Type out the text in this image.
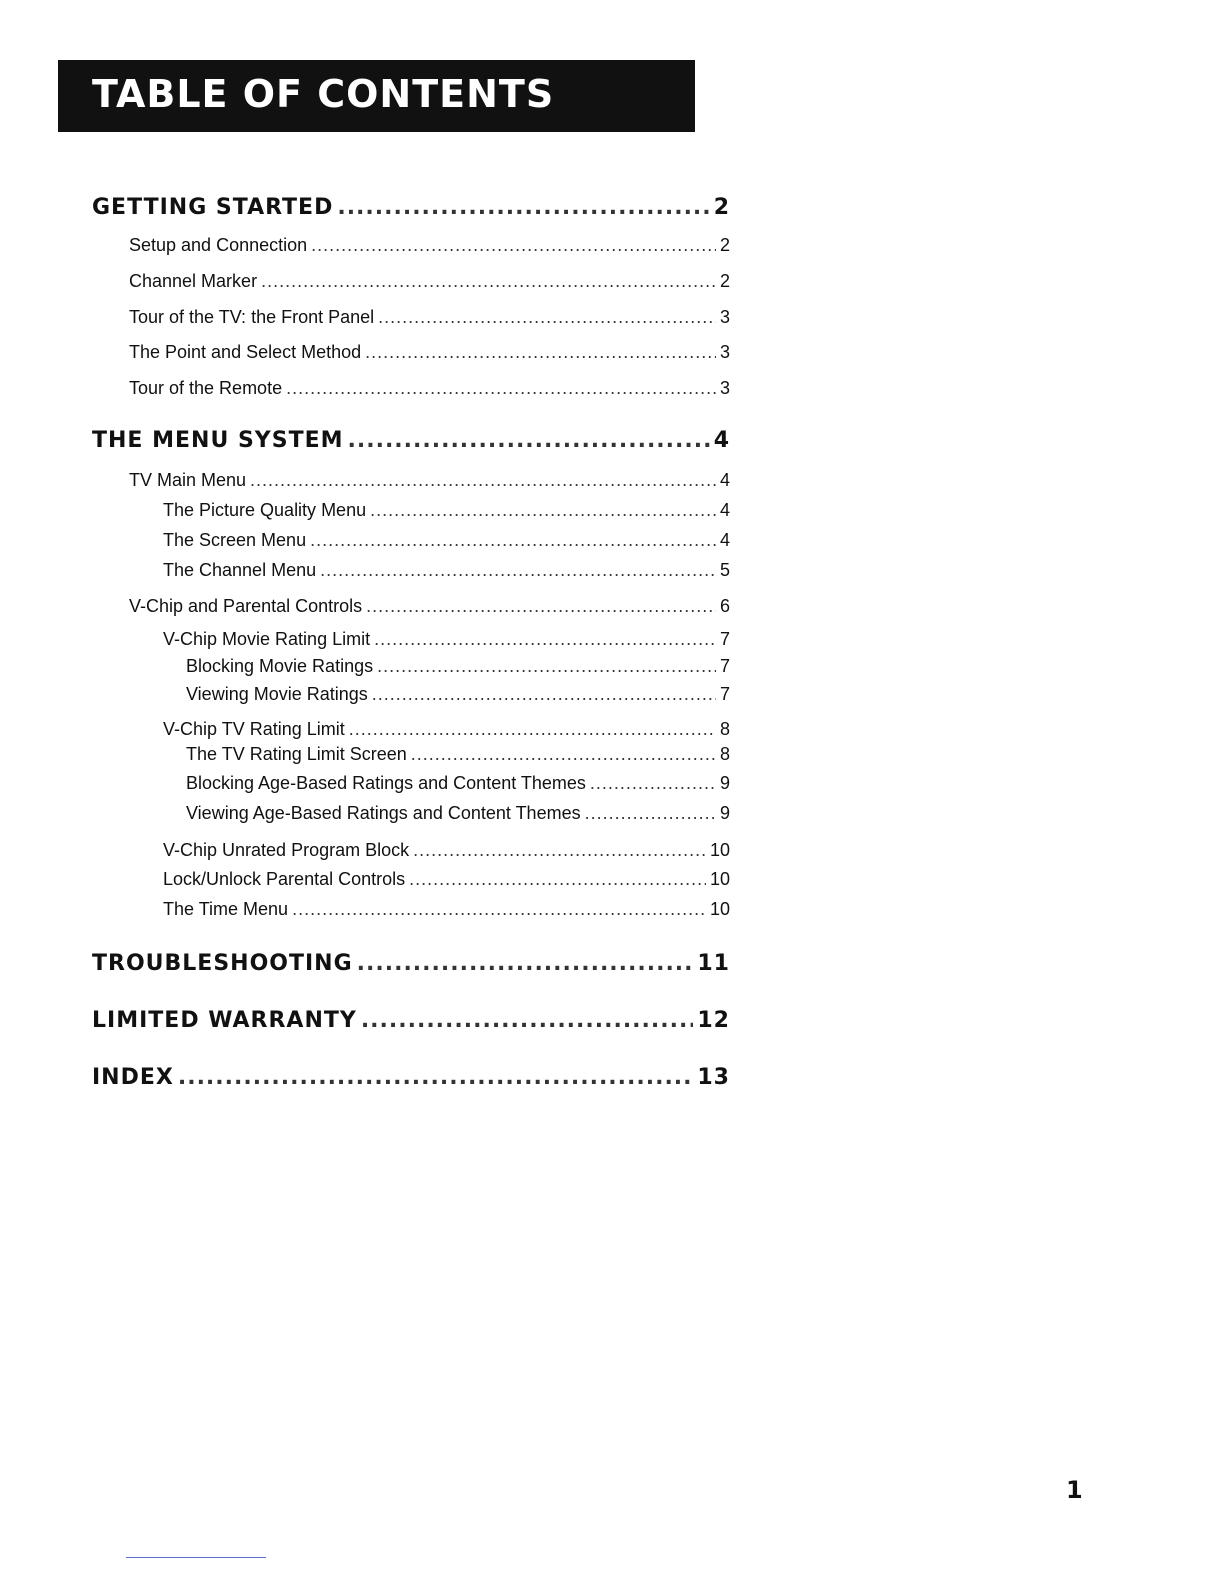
TABLE OF CONTENTS
GETTING STARTED .....	2
Setup and Connection .....	2
Channel Marker .....	2
Tour of the TV: the Front Panel .....	3
The Point and Select Method .....	3
Tour of the Remote .....	3
THE MENU SYSTEM .....	4
TV Main Menu .....	4
The Picture Quality Menu .....	4
The Screen Menu .....	4
The Channel Menu .....	5
V-Chip and Parental Controls .....	6
V-Chip Movie Rating Limit .....	7
Blocking Movie Ratings .....	7
Viewing Movie Ratings .....	7
V-Chip TV Rating Limit .....	8
The TV Rating Limit Screen .....	8
Blocking Age-Based Ratings and Content Themes .....	9
Viewing Age-Based Ratings and Content Themes .....	9
V-Chip Unrated Program Block .....	10
Lock/Unlock Parental Controls .....	10
The Time Menu .....	10
TROUBLESHOOTING .....	11
LIMITED WARRANTY .....	12
INDEX .....	13
1
